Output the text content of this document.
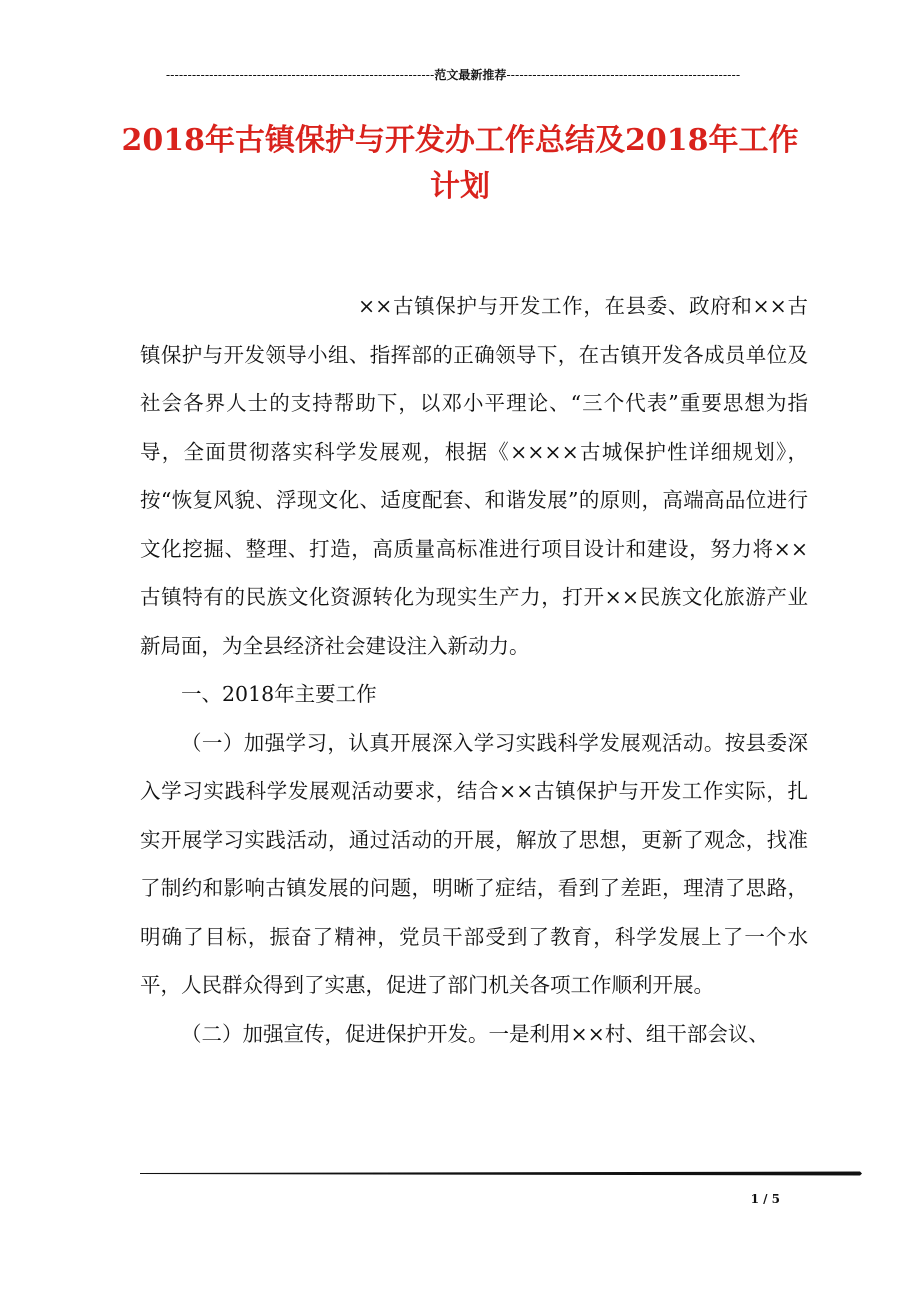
--------------------------------------------------------------范文最新推荐------------------------------------------------------
2018年古镇保护与开发办工作总结及2018年工作计划

××古镇保护与开发工作，在县委、政府和××古镇保护与开发领导小组、指挥部的正确领导下，在古镇开发各成员单位及社会各界人士的支持帮助下，以邓小平理论、“三个代表”重要思想为指导，全面贯彻落实科学发展观，根据《××××古城保护性详细规划》，按“恢复风貌、浮现文化、适度配套、和谐发展”的原则，高端高品位进行文化挖掘、整理、打造，高质量高标准进行项目设计和建设，努力将××古镇特有的民族文化资源转化为现实生产力，打开××民族文化旅游产业新局面，为全县经济社会建设注入新动力。

一、2018年主要工作

（一）加强学习，认真开展深入学习实践科学发展观活动。按县委深入学习实践科学发展观活动要求，结合××古镇保护与开发工作实际，扎实开展学习实践活动，通过活动的开展，解放了思想，更新了观念，找准了制约和影响古镇发展的问题，明晰了症结，看到了差距，理清了思路，明确了目标，振奋了精神，党员干部受到了教育，科学发展上了一个水平，人民群众得到了实惠，促进了部门机关各项工作顺利开展。

（二）加强宣传，促进保护开发。一是利用××村、组干部会议、

1 / 5
